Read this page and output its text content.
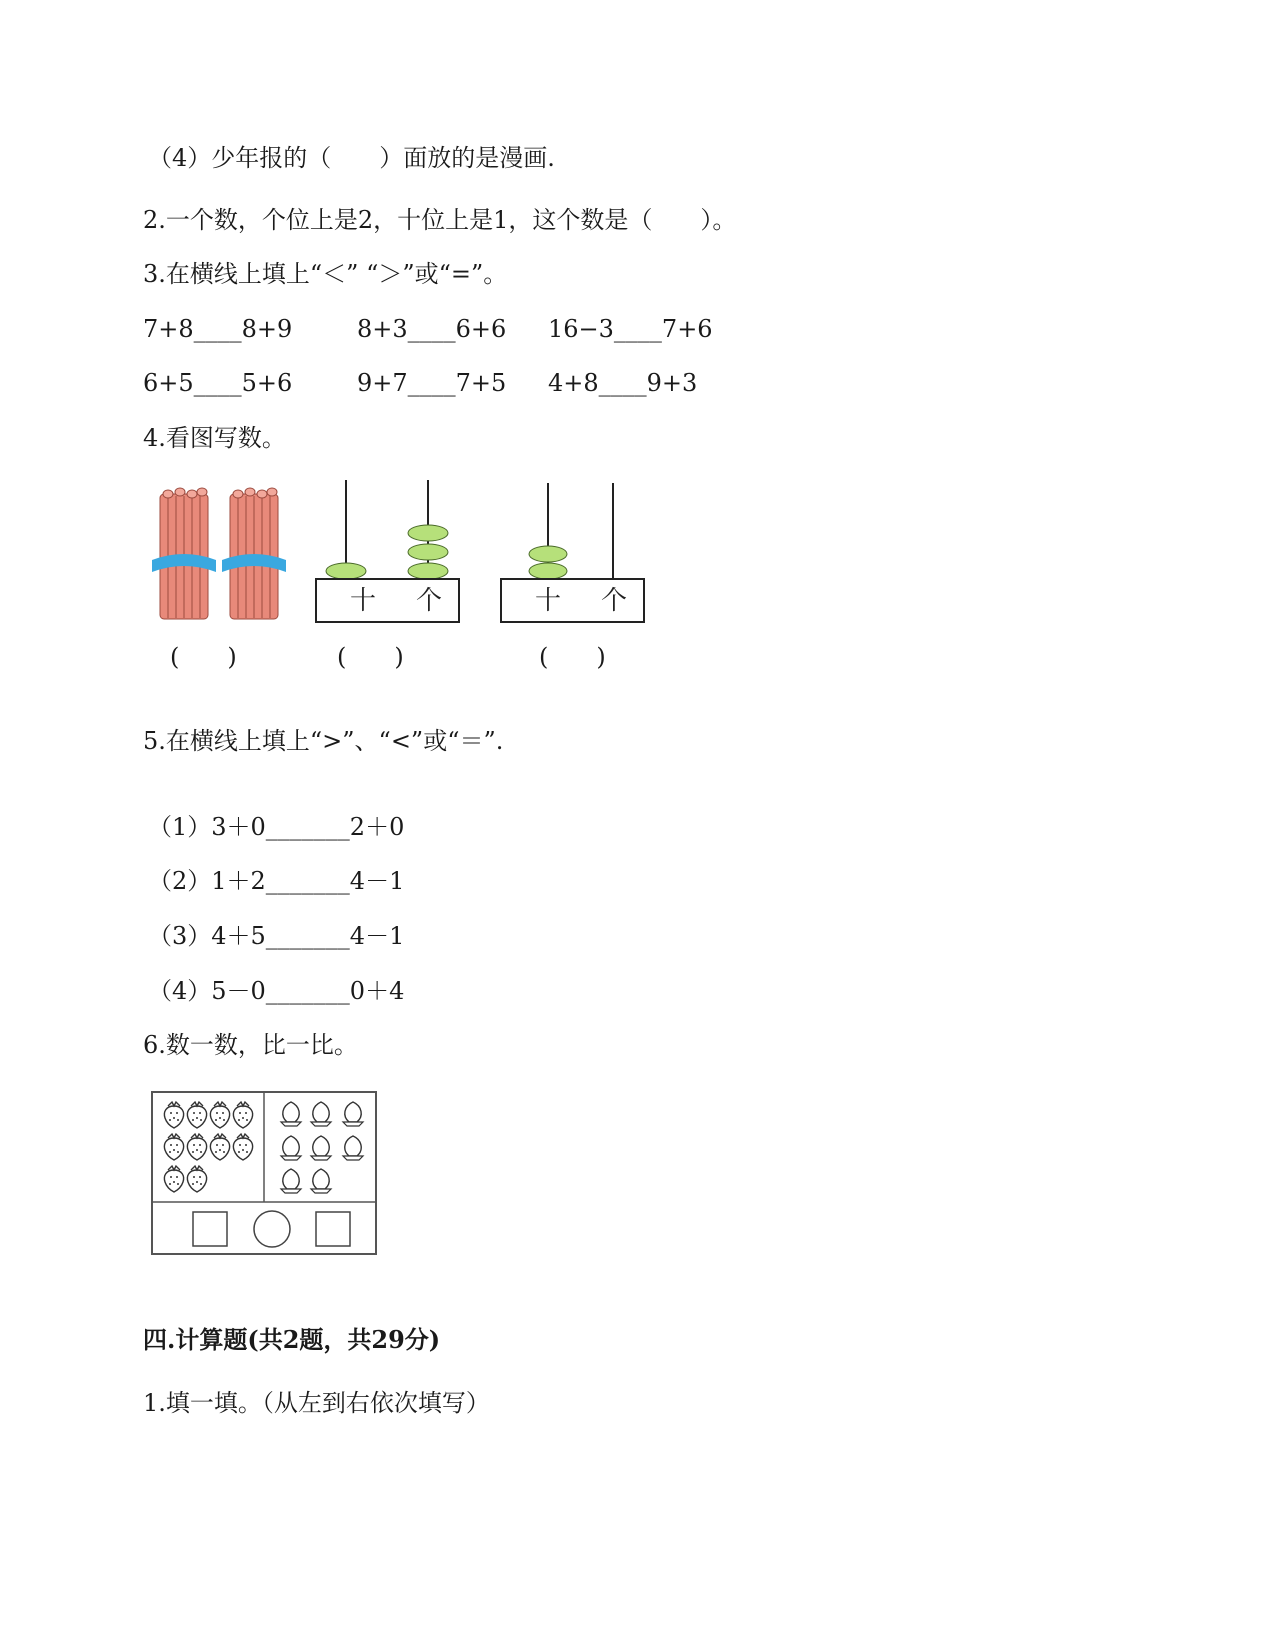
（4）少年报的（　　）面放的是漫画.
2.一个数，个位上是2，十位上是1，这个数是（　　）。
3.在横线上填上“＜” “＞”或“=”。
7+8____8+9	8+3____6+6 16−3____7+6
6+5____5+6	9+7____7+5 4+8____9+3
4.看图写数。
十 个	十 个
(　　)	(　　)	(　　)
5.在横线上填上“>”、“<”或“＝”.
（1）3＋0_______2＋0
（2）1＋2_______4－1
（3）4＋5_______4－1
（4）5－0_______0＋4
6.数一数，比一比。
四.计算题(共2题，共29分)
1.填一填。（从左到右依次填写）
